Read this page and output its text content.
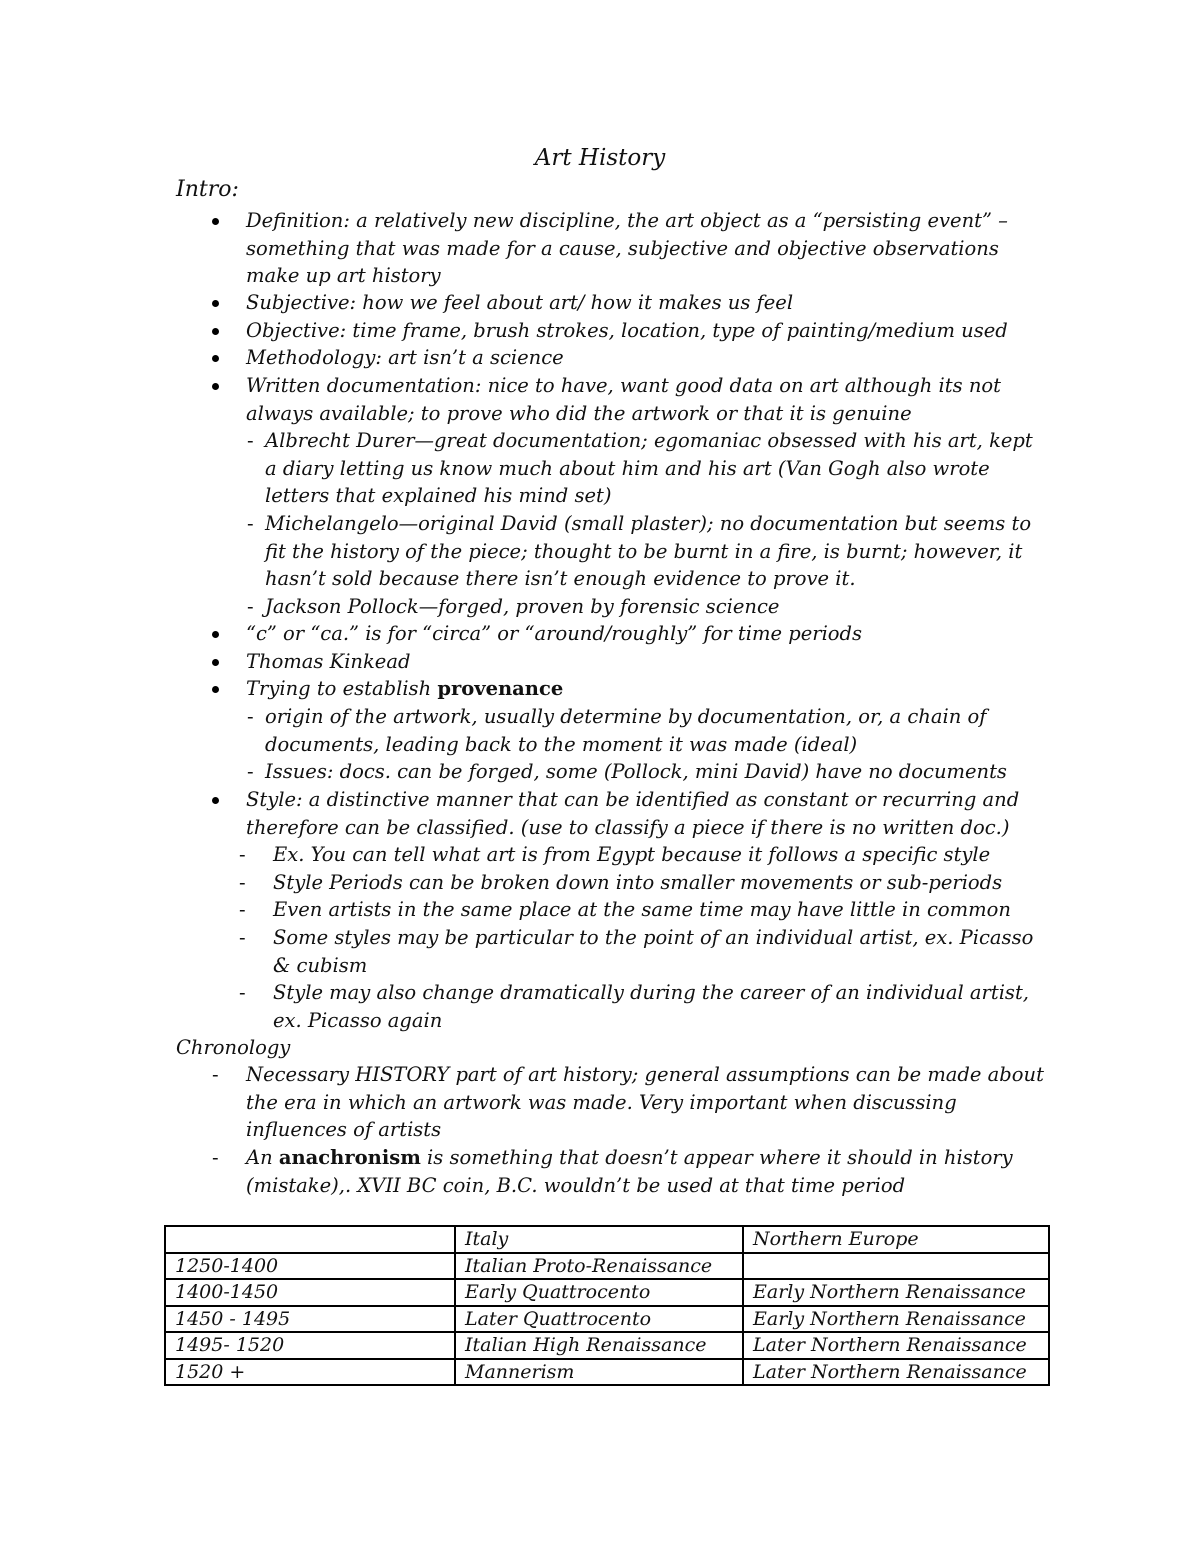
Art History
Intro:
Definition: a relatively new discipline, the art object as a “persisting event” –
something that was made for a cause, subjective and objective observations
make up art history
Subjective: how we feel about art/ how it makes us feel
Objective: time frame, brush strokes, location, type of painting/medium used
Methodology: art isn’t a science
Written documentation: nice to have, want good data on art although its not
always available; to prove who did the artwork or that it is genuine
- Albrecht Durer—great documentation; egomaniac obsessed with his art, kept
a diary letting us know much about him and his art (Van Gogh also wrote
letters that explained his mind set)
- Michelangelo—original David (small plaster); no documentation but seems to
fit the history of the piece; thought to be burnt in a fire, is burnt; however, it
hasn’t sold because there isn’t enough evidence to prove it.
- Jackson Pollock—forged, proven by forensic science
“c” or “ca.” is for “circa” or “around/roughly” for time periods
Thomas Kinkead
Trying to establish provenance
- origin of the artwork, usually determine by documentation, or, a chain of
documents, leading back to the moment it was made (ideal)
- Issues: docs. can be forged, some (Pollock, mini David) have no documents
Style: a distinctive manner that can be identified as constant or recurring and
therefore can be classified. (use to classify a piece if there is no written doc.)
- Ex. You can tell what art is from Egypt because it follows a specific style
- Style Periods can be broken down into smaller movements or sub-periods
- Even artists in the same place at the same time may have little in common
- Some styles may be particular to the point of an individual artist, ex. Picasso
& cubism
- Style may also change dramatically during the career of an individual artist,
ex. Picasso again
Chronology
- Necessary HISTORY part of art history; general assumptions can be made about
the era in which an artwork was made. Very important when discussing
influences of artists
- An anachronism is something that doesn’t appear where it should in history
(mistake),. XVII BC coin, B.C. wouldn’t be used at that time period
	Italy	Northern Europe
1250-1400	Italian Proto-Renaissance	
1400-1450	Early Quattrocento	Early Northern Renaissance
1450 - 1495	Later Quattrocento	Early Northern Renaissance
1495- 1520	Italian High Renaissance	Later Northern Renaissance
1520 +	Mannerism	Later Northern Renaissance
